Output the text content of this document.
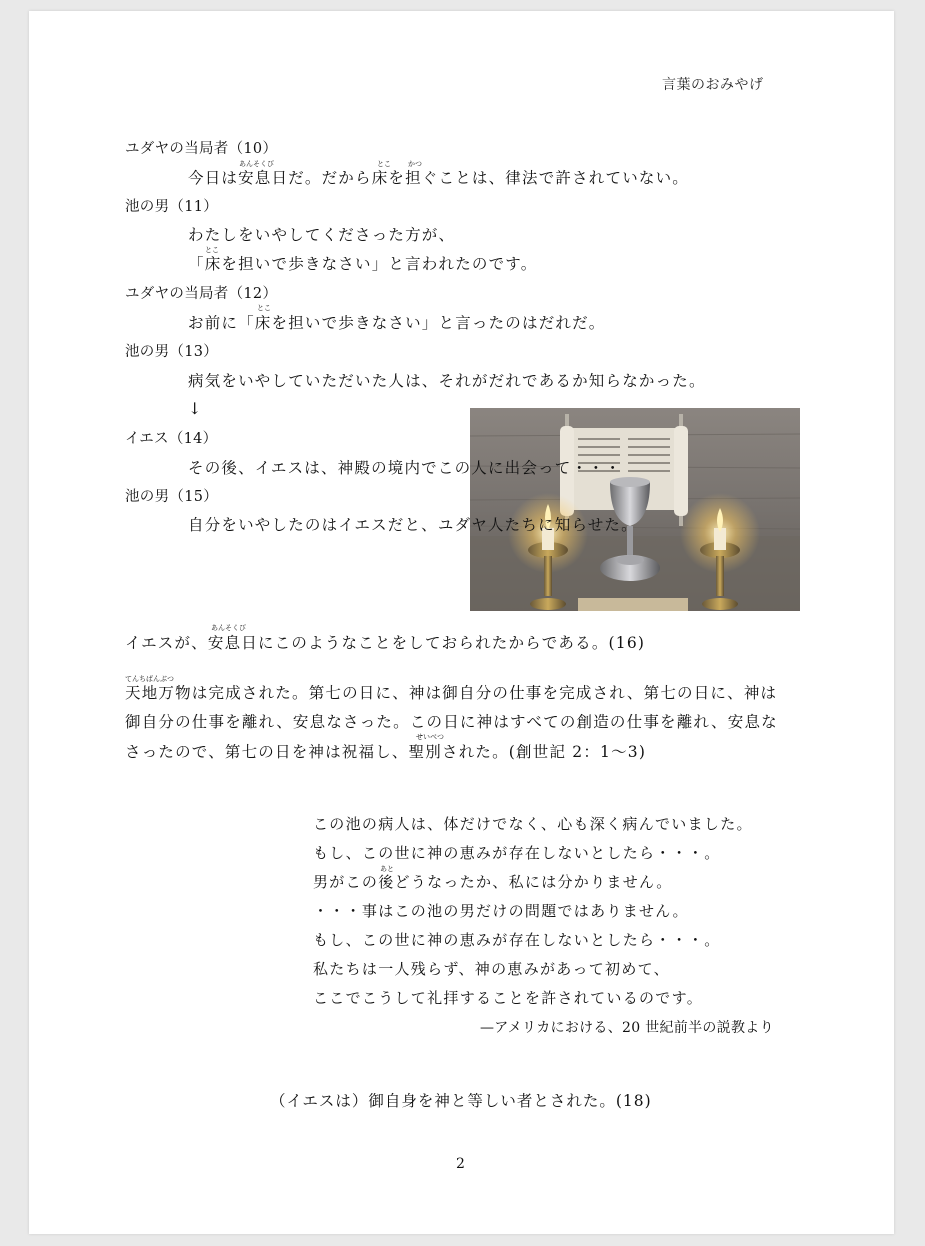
言葉のおみやげ
ユダヤの当局者（10）
あんそくび	とこ かつ
今日は安息日だ。だから床を担ぐことは、律法で許されていない。
池の男（11）
わたしをいやしてくださった方が、
とこ
「床を担いで歩きなさい」と言われたのです。
ユダヤの当局者（12）
とこ
お前に「床を担いで歩きなさい」と言ったのはだれだ。
池の男（13）
病気をいやしていただいた人は、それがだれであるか知らなかった。
↓
イエス（14）
その後、イエスは、神殿の境内でこの人に出会って・・・
池の男（15）
自分をいやしたのはイエスだと、ユダヤ人たちに知らせた。
あんそくび
イエスが、安息日にこのようなことをしておられたからである。(16)
てんちばんぶつ
天地万物は完成された。第七の日に、神は御自分の仕事を完成され、第七の日に、神は
御自分の仕事を離れ、安息なさった。この日に神はすべての創造の仕事を離れ、安息な
せいべつ
さったので、第七の日を神は祝福し、聖別された。(創世記 2：1〜3)
この池の病人は、体だけでなく、心も深く病んでいました。
もし、この世に神の恵みが存在しないとしたら・・・。
あと
男がこの後どうなったか、私には分かりません。
・・・事はこの池の男だけの問題ではありません。
もし、この世に神の恵みが存在しないとしたら・・・。
私たちは一人残らず、神の恵みがあって初めて、
ここでこうして礼拝することを許されているのです。
—アメリカにおける、20 世紀前半の説教より
（イエスは）御自身を神と等しい者とされた。(18)
2
